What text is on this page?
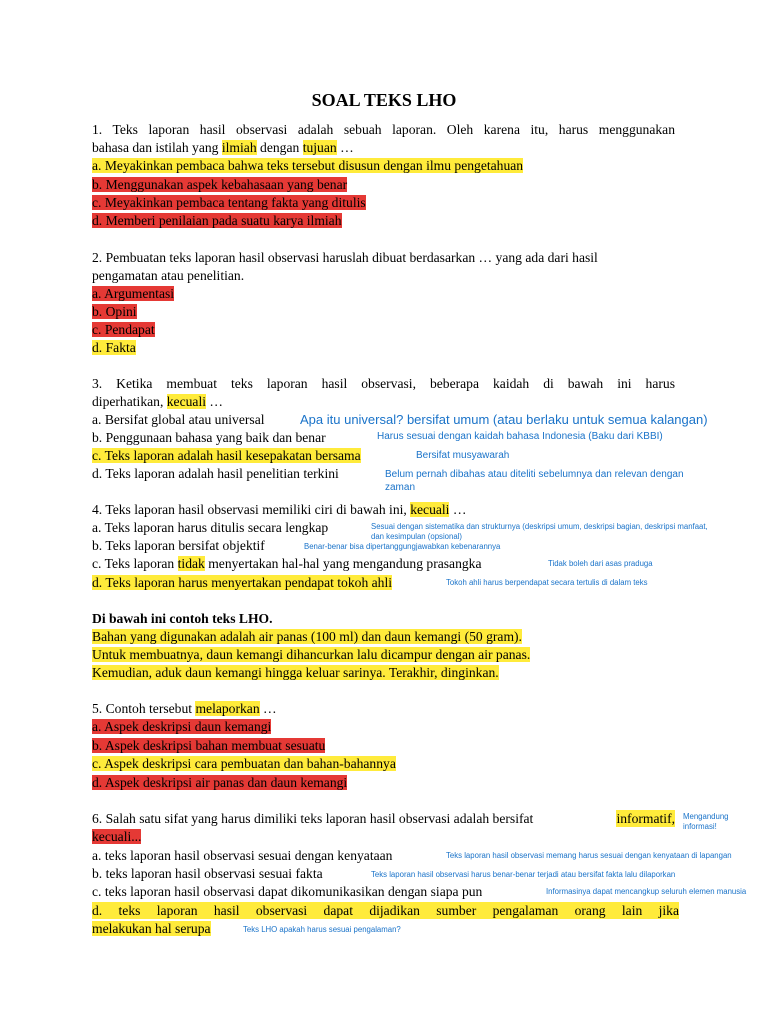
SOAL TEKS LHO
1. Teks laporan hasil observasi adalah sebuah laporan. Oleh karena itu, harus menggunakan
bahasa dan istilah yang ilmiah dengan tujuan …
a. Meyakinkan pembaca bahwa teks tersebut disusun dengan ilmu pengetahuan
b. Menggunakan aspek kebahasaan yang benar
c. Meyakinkan pembaca tentang fakta yang ditulis
d. Memberi penilaian pada suatu karya ilmiah
2. Pembuatan teks laporan hasil observasi haruslah dibuat berdasarkan … yang ada dari hasil
pengamatan atau penelitian.
a. Argumentasi
b. Opini
c. Pendapat
d. Fakta
3. Ketika membuat teks laporan hasil observasi, beberapa kaidah di bawah ini harus
diperhatikan, kecuali …
a. Bersifat global atau universal	Apa itu universal? bersifat umum (atau berlaku untuk semua kalangan)
b. Penggunaan bahasa yang baik dan benar	Harus sesuai dengan kaidah bahasa Indonesia (Baku dari KBBI)
c. Teks laporan adalah hasil kesepakatan bersama	Bersifat musyawarah
d. Teks laporan adalah hasil penelitian terkini	Belum pernah dibahas atau diteliti sebelumnya dan relevan dengan
zaman
4. Teks laporan hasil observasi memiliki ciri di bawah ini, kecuali …
a. Teks laporan harus ditulis secara lengkap	Sesuai dengan sistematika dan strukturnya (deskripsi umum, deskripsi bagian, deskripsi manfaat,
dan kesimpulan (opsional)
b. Teks laporan bersifat objektif	Benar-benar bisa dipertanggungjawabkan kebenarannya
c. Teks laporan tidak menyertakan hal-hal yang mengandung prasangka	Tidak boleh dari asas praduga
d. Teks laporan harus menyertakan pendapat tokoh ahli	Tokoh ahli harus berpendapat secara tertulis di dalam teks
Di bawah ini contoh teks LHO.
Bahan yang digunakan adalah air panas (100 ml) dan daun kemangi (50 gram).
Untuk membuatnya, daun kemangi dihancurkan lalu dicampur dengan air panas.
Kemudian, aduk daun kemangi hingga keluar sarinya. Terakhir, dinginkan.
5. Contoh tersebut melaporkan …
a. Aspek deskripsi daun kemangi
b. Aspek deskripsi bahan membuat sesuatu
c. Aspek deskripsi cara pembuatan dan bahan-bahannya
d. Aspek deskripsi air panas dan daun kemangi
6. Salah satu sifat yang harus dimiliki teks laporan hasil observasi adalah bersifat	informatif, Mengandung
informasi!
kecuali...
a. teks laporan hasil observasi sesuai dengan kenyataan	Teks laporan hasil observasi memang harus sesuai dengan kenyataan di lapangan
b. teks laporan hasil observasi sesuai fakta	Teks laporan hasil observasi harus benar-benar terjadi atau bersifat fakta lalu dilaporkan
c. teks laporan hasil observasi dapat dikomunikasikan dengan siapa pun	Informasinya dapat mencangkup seluruh elemen manusia
d. teks laporan hasil observasi dapat dijadikan sumber pengalaman orang lain jika
melakukan hal serupa	Teks LHO apakah harus sesuai pengalaman?
